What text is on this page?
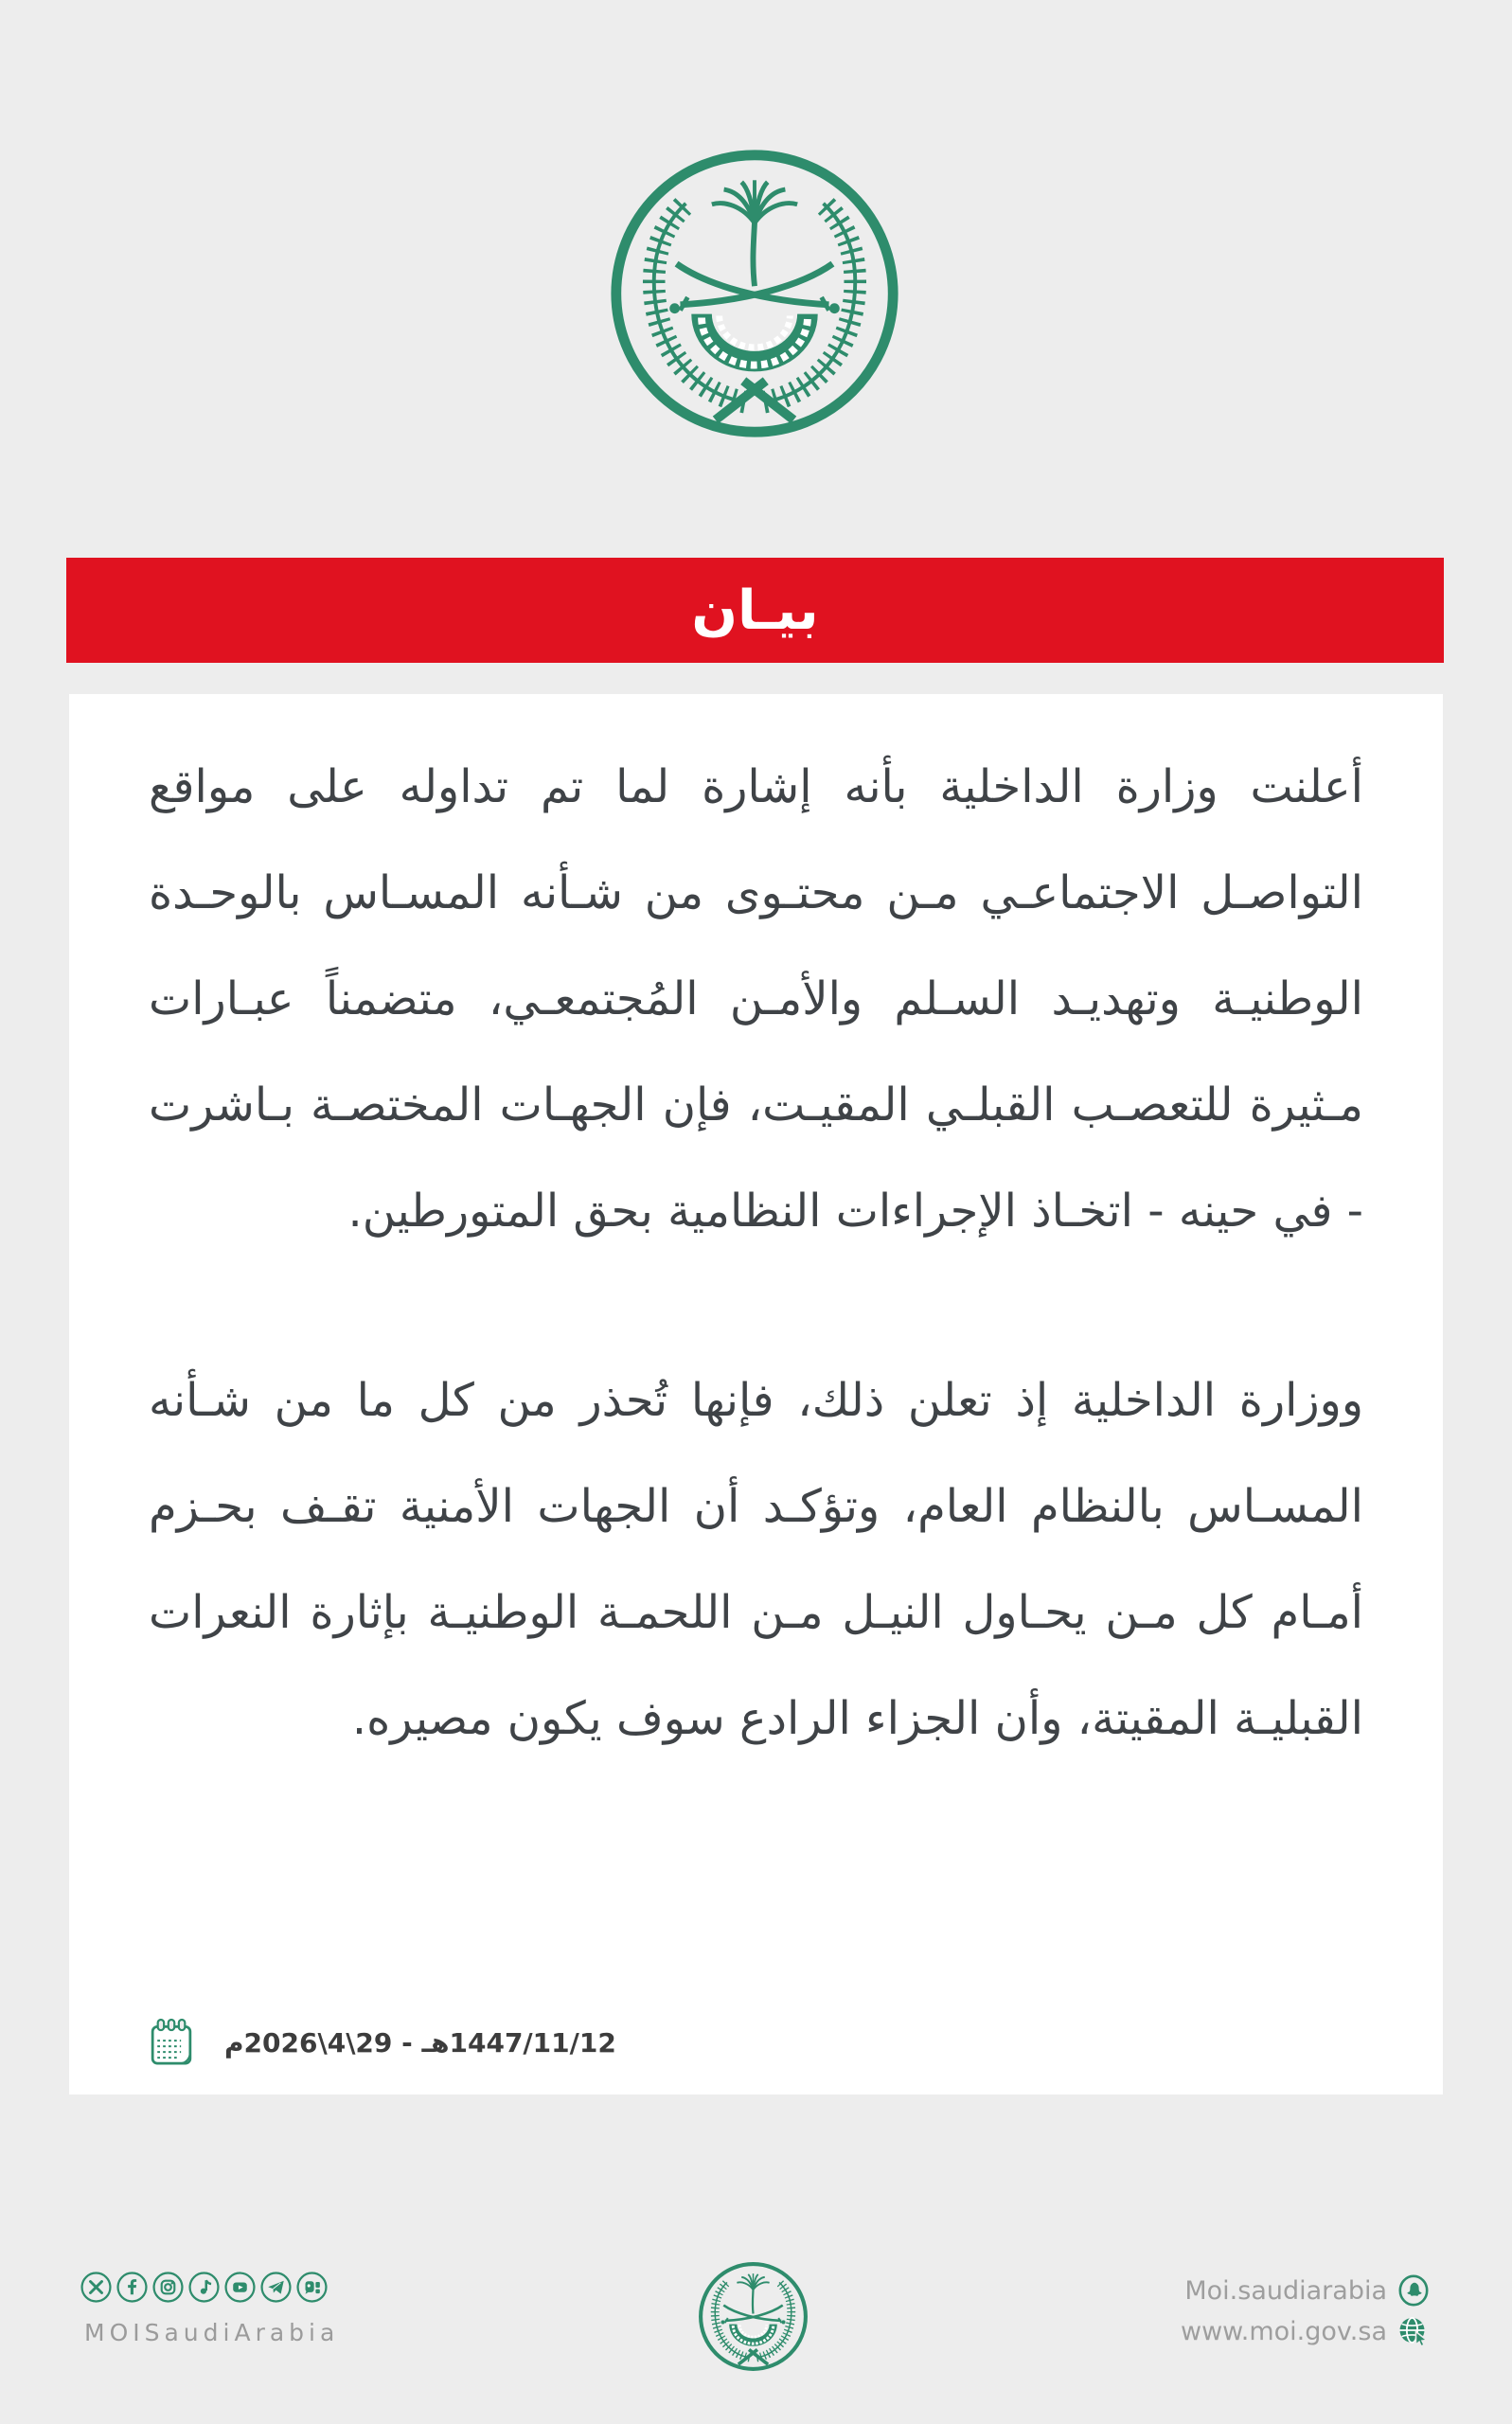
بيـان

أعلنت وزارة الداخلية بأنه إشارة لما تم تداوله على مواقع التواصـل الاجتماعـي مـن محتـوى من شـأنه المسـاس بالوحـدة الوطنيـة وتهديـد السـلم والأمـن المُجتمعـي، متضمناً عبـارات مـثيرة للتعصـب القبلـي المقيـت، فإن الجهـات المختصـة بـاشرت - في حينه - اتخـاذ الإجراءات النظامية بحق المتورطين.

ووزارة الداخلية إذ تعلن ذلك، فإنها تُحذر من كل ما من شـأنه المسـاس بالنظام العام، وتؤكـد أن الجهات الأمنية تقـف بحـزم أمـام كل مـن يحـاول النيـل مـن اللحمـة الوطنيـة بإثارة النعرات القبليـة المقيتة، وأن الجزاء الرادع سوف يكون مصيره.

1447/11/12هـ - 29\4\2026م
MOISaudiArabia
Moi.saudiarabia
www.moi.gov.sa
